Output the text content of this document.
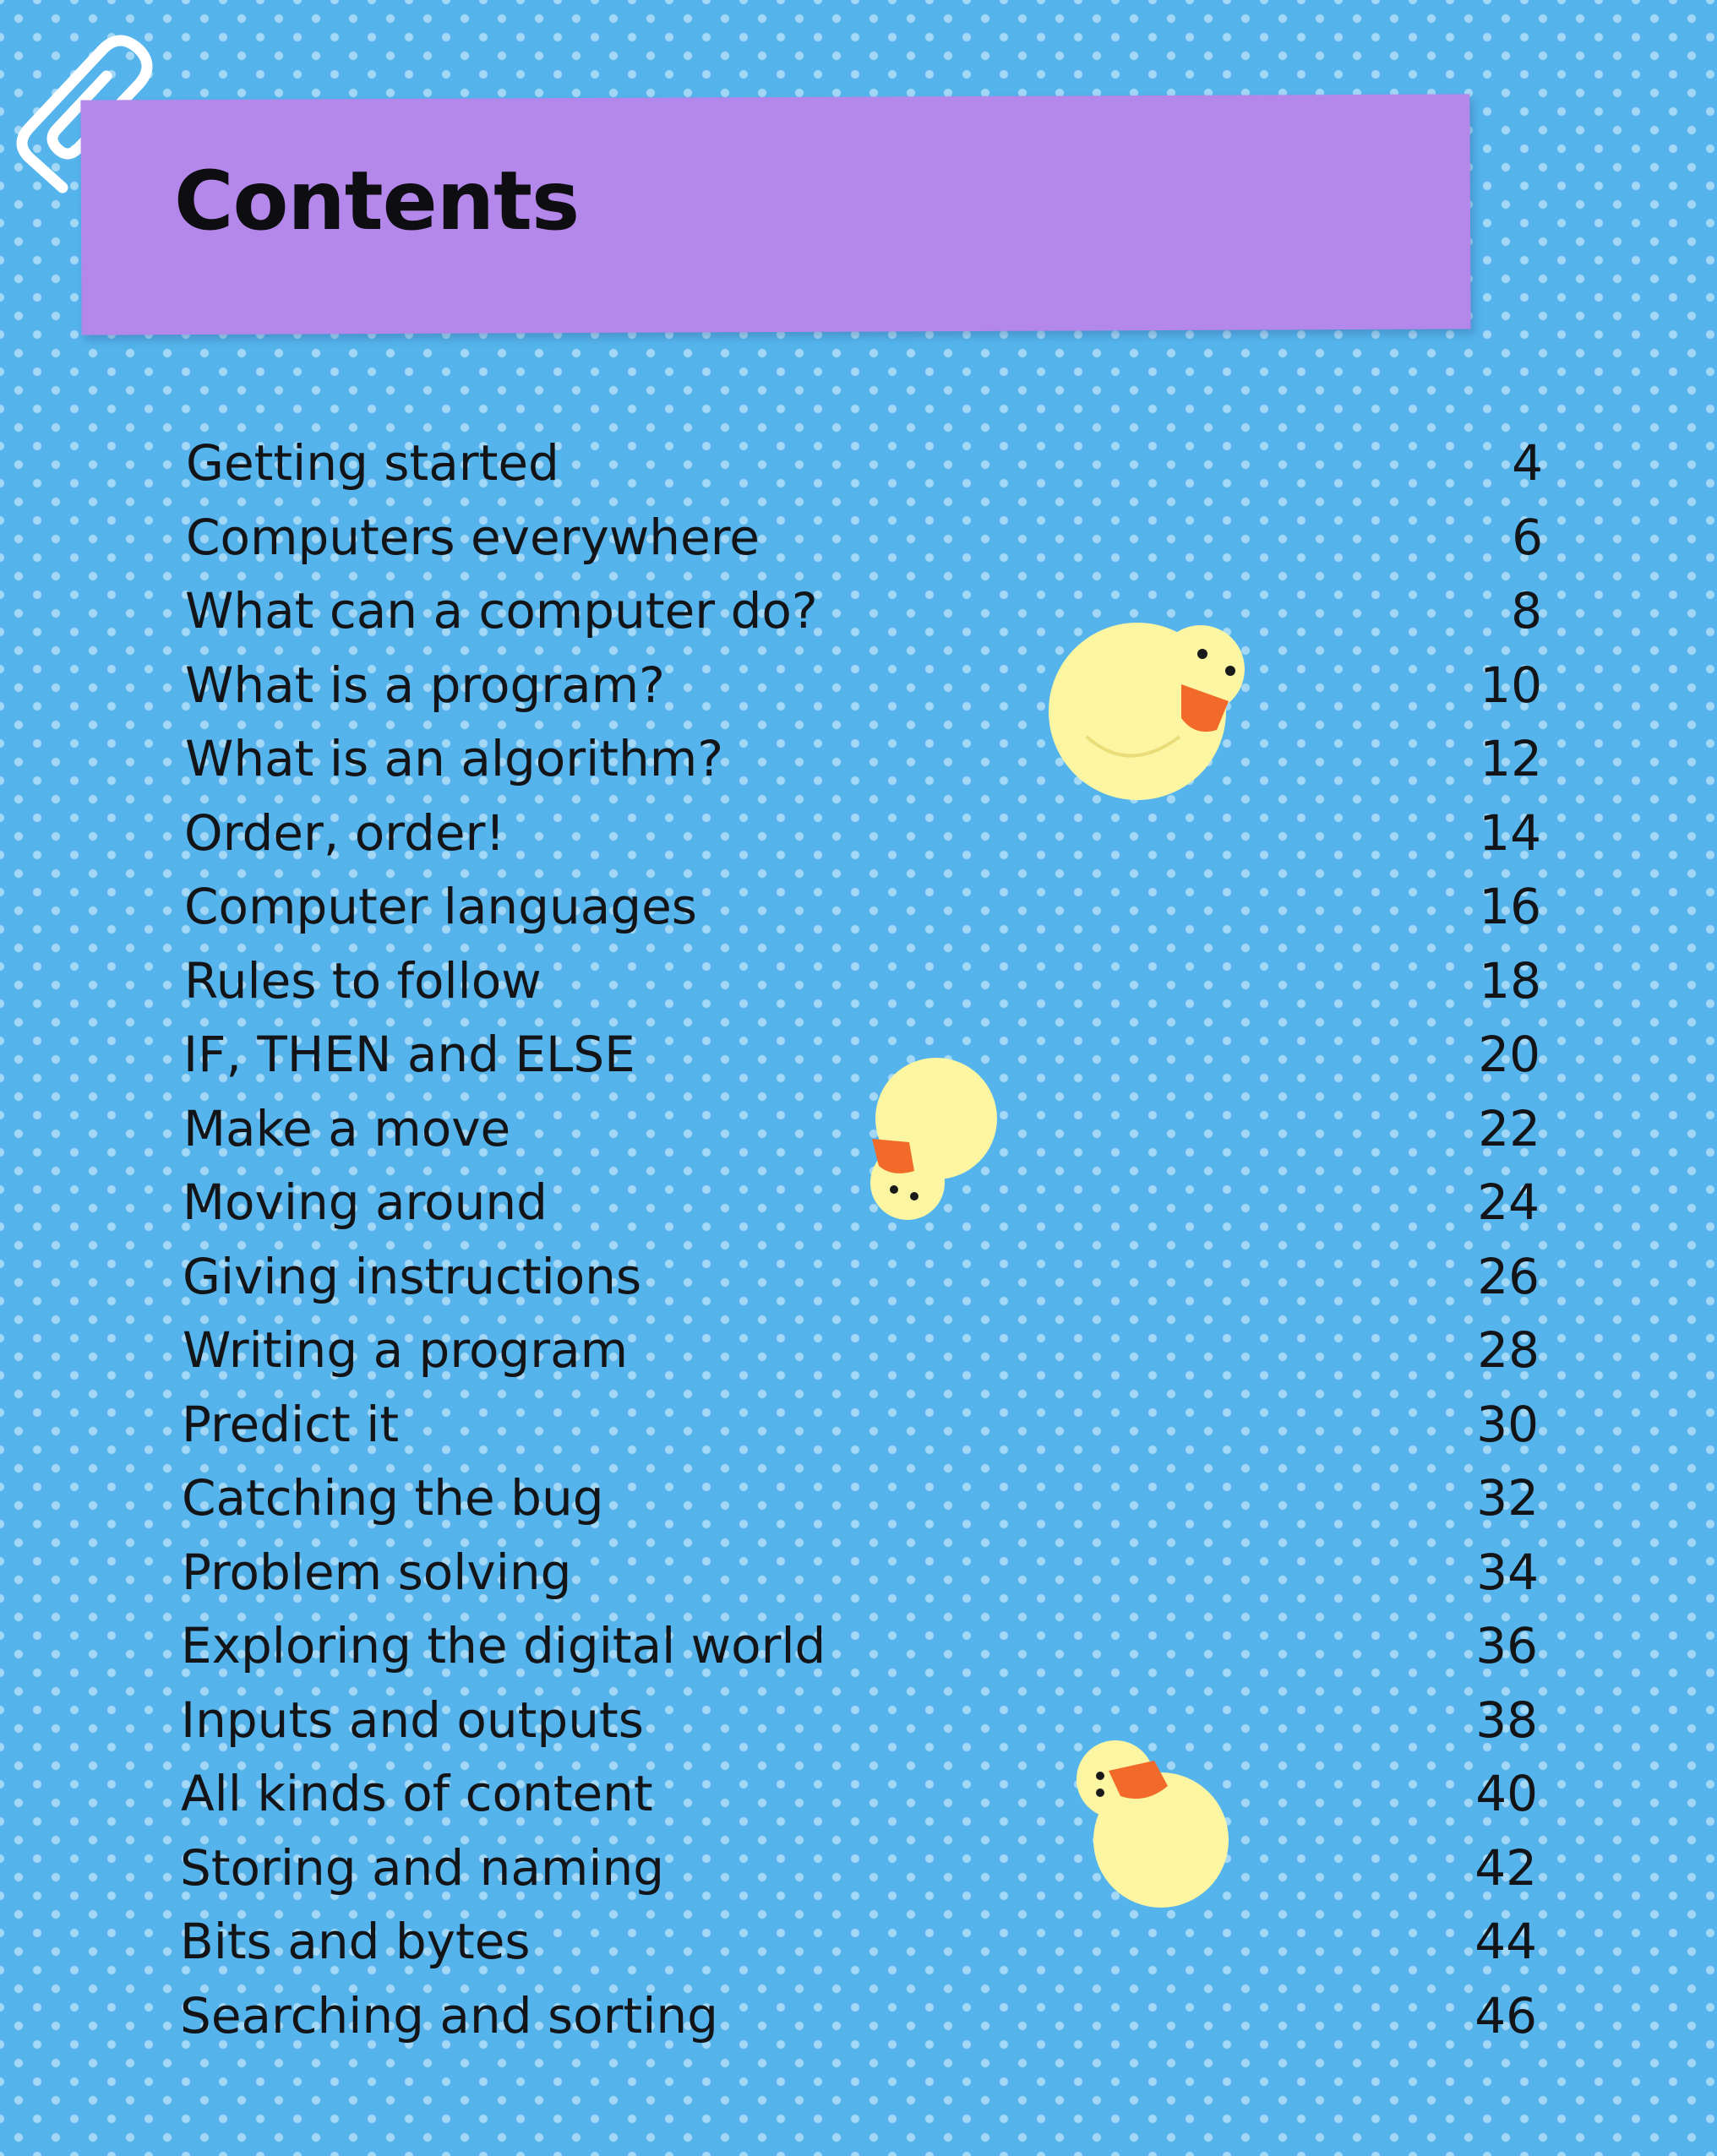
Contents
Getting started	4
Computers everywhere	6
What can a computer do?	8
What is a program?	10
What is an algorithm?	12
Order, order!	14
Computer languages	16
Rules to follow	18
IF, THEN and ELSE	20
Make a move	22
Moving around	24
Giving instructions	26
Writing a program	28
Predict it	30
Catching the bug	32
Problem solving	34
Exploring the digital world	36
Inputs and outputs	38
All kinds of content	40
Storing and naming	42
Bits and bytes	44
Searching and sorting	46
